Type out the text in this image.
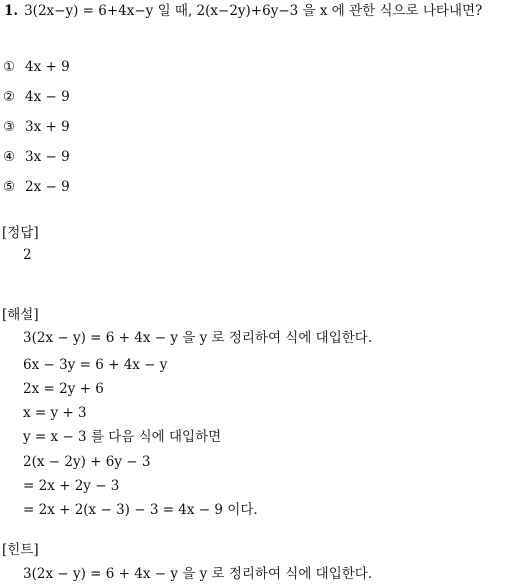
1. 3(2x−y) = 6+4x−y 일 때, 2(x−2y)+6y−3 을 x 에 관한 식으로 나타내면?
① 4x + 9
② 4x − 9
③ 3x + 9
④ 3x − 9
⑤ 2x − 9
[정답]
2
[해설]
3(2x − y) = 6 + 4x − y 을 y 로 정리하여 식에 대입한다.
6x − 3y = 6 + 4x − y
2x = 2y + 6
x = y + 3
y = x − 3 를 다음 식에 대입하면
2(x − 2y) + 6y − 3
= 2x + 2y − 3
= 2x + 2(x − 3) − 3 = 4x − 9 이다.
[힌트]
3(2x − y) = 6 + 4x − y 을 y 로 정리하여 식에 대입한다.
